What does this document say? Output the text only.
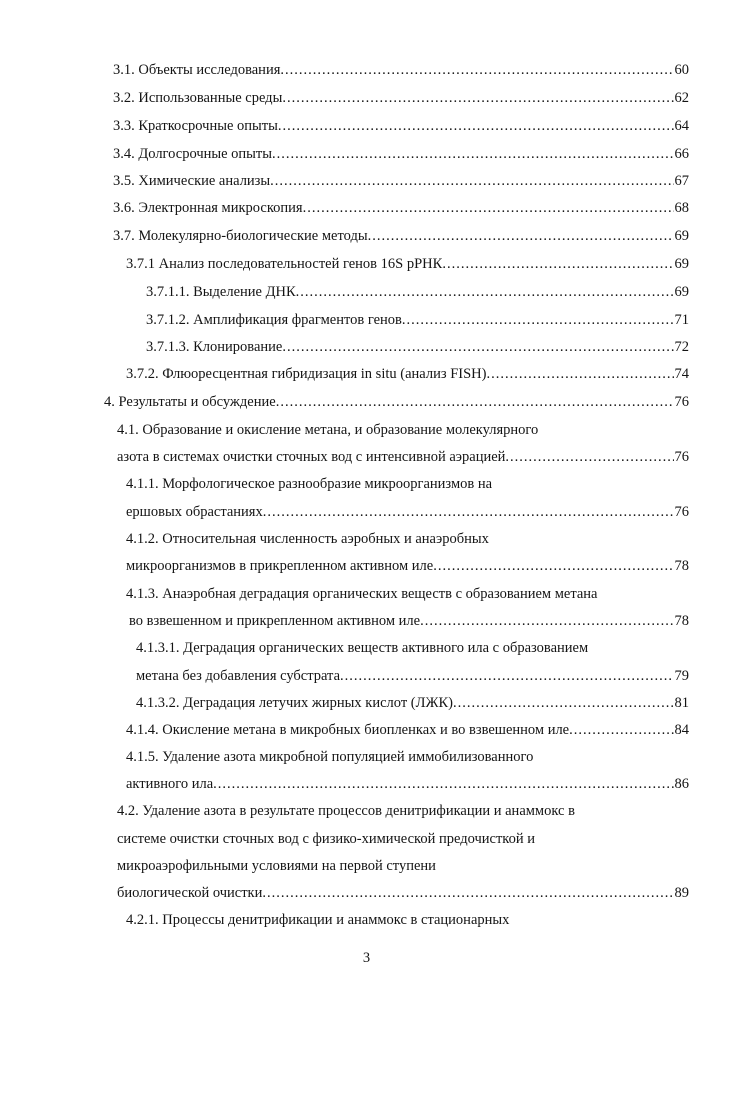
3.1. Объекты исследования .....	60
3.2. Использованные среды .....	62
3.3. Краткосрочные опыты .....	64
3.4. Долгосрочные опыты .....	66
3.5. Химические анализы .....	67
3.6. Электронная микроскопия .....	68
3.7. Молекулярно-биологические методы .....	69
3.7.1 Анализ последовательностей генов 16S рРНК .....	69
3.7.1.1. Выделение ДНК .....	69
3.7.1.2. Амплификация фрагментов генов .....	71
3.7.1.3. Клонирование .....	72
3.7.2. Флюоресцентная гибридизация in situ (анализ FISH) .....	74
4. Результаты и обсуждение .....	76
4.1. Образование и окисление метана, и образование молекулярного
азота в системах очистки сточных вод с интенсивной аэрацией .....	76
4.1.1. Морфологическое разнообразие микроорганизмов на
ершовых обрастаниях .....	76
4.1.2. Относительная численность аэробных и анаэробных
микроорганизмов в прикрепленном активном иле .....	78
4.1.3. Анаэробная деградация органических веществ с образованием метана
во взвешенном и прикрепленном активном иле .....	78
4.1.3.1. Деградация органических веществ активного ила с образованием
метана без добавления субстрата .....	79
4.1.3.2. Деградация летучих жирных кислот (ЛЖК) .....	81
4.1.4. Окисление метана в микробных биопленках и во взвешенном иле .....	84
4.1.5. Удаление азота микробной популяцией иммобилизованного
активного ила .....	86
4.2. Удаление азота в результате процессов денитрификации и анаммокс в
системе очистки сточных вод с физико-химической предочисткой и
микроаэрофильными условиями на первой ступени
биологической очистки .....	89
4.2.1. Процессы денитрификации и анаммокс в стационарных
3
